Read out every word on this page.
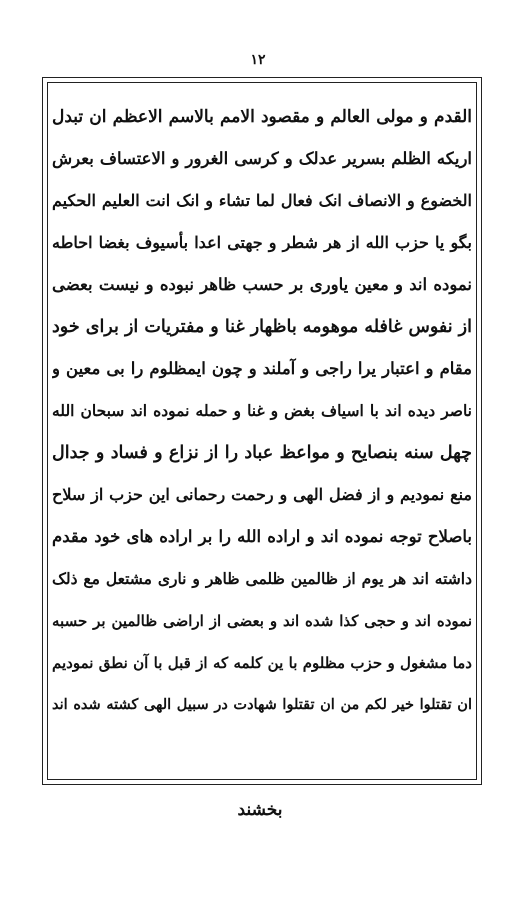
۱۲

القدم و مولی العالم و مقصود الامم بالاسم الاعظم ان تبدل

اریکه الظلم بسریر عدلک و کرسی الغرور و الاعتساف بعرش

الخضوع و الانصاف انک فعال لما تشاء و انک انت العلیم الحکیم

بگو یا حزب الله از هر شطر و جهتی اعدا بأسیوف بغضا احاطه

نموده اند و معین یاوری بر حسب ظاهر نبوده و نیست بعضی

از نفوس غافله موهومه باظهار غنا و مفتریات از برای خود

مقام و اعتبار یرا راجی و آملند و چون ایمظلوم را بی معین و

ناصر دیده اند با اسیاف بغض و غنا و حمله نموده اند سبحان الله

چهل سنه بنصایح و مواعظ عباد را از نزاع و فساد و جدال

منع نمودیم و از فضل الهی و رحمت رحمانی این حزب از سلاح

باصلاح توجه نموده اند و اراده الله را بر اراده های خود مقدم

داشته اند هر یوم از ظالمین ظلمی ظاهر و ناری مشتعل مع ذلک

نموده اند و حجی کذا شده اند و بعضی از اراضی ظالمین بر حسبه

دما مشغول و حزب مظلوم با ین کلمه که از قبل با آن نطق نمودیم

ان تقتلوا خیر لکم من ان تقتلوا شهادت در سبیل الهی کشته شده اند

بخشند
